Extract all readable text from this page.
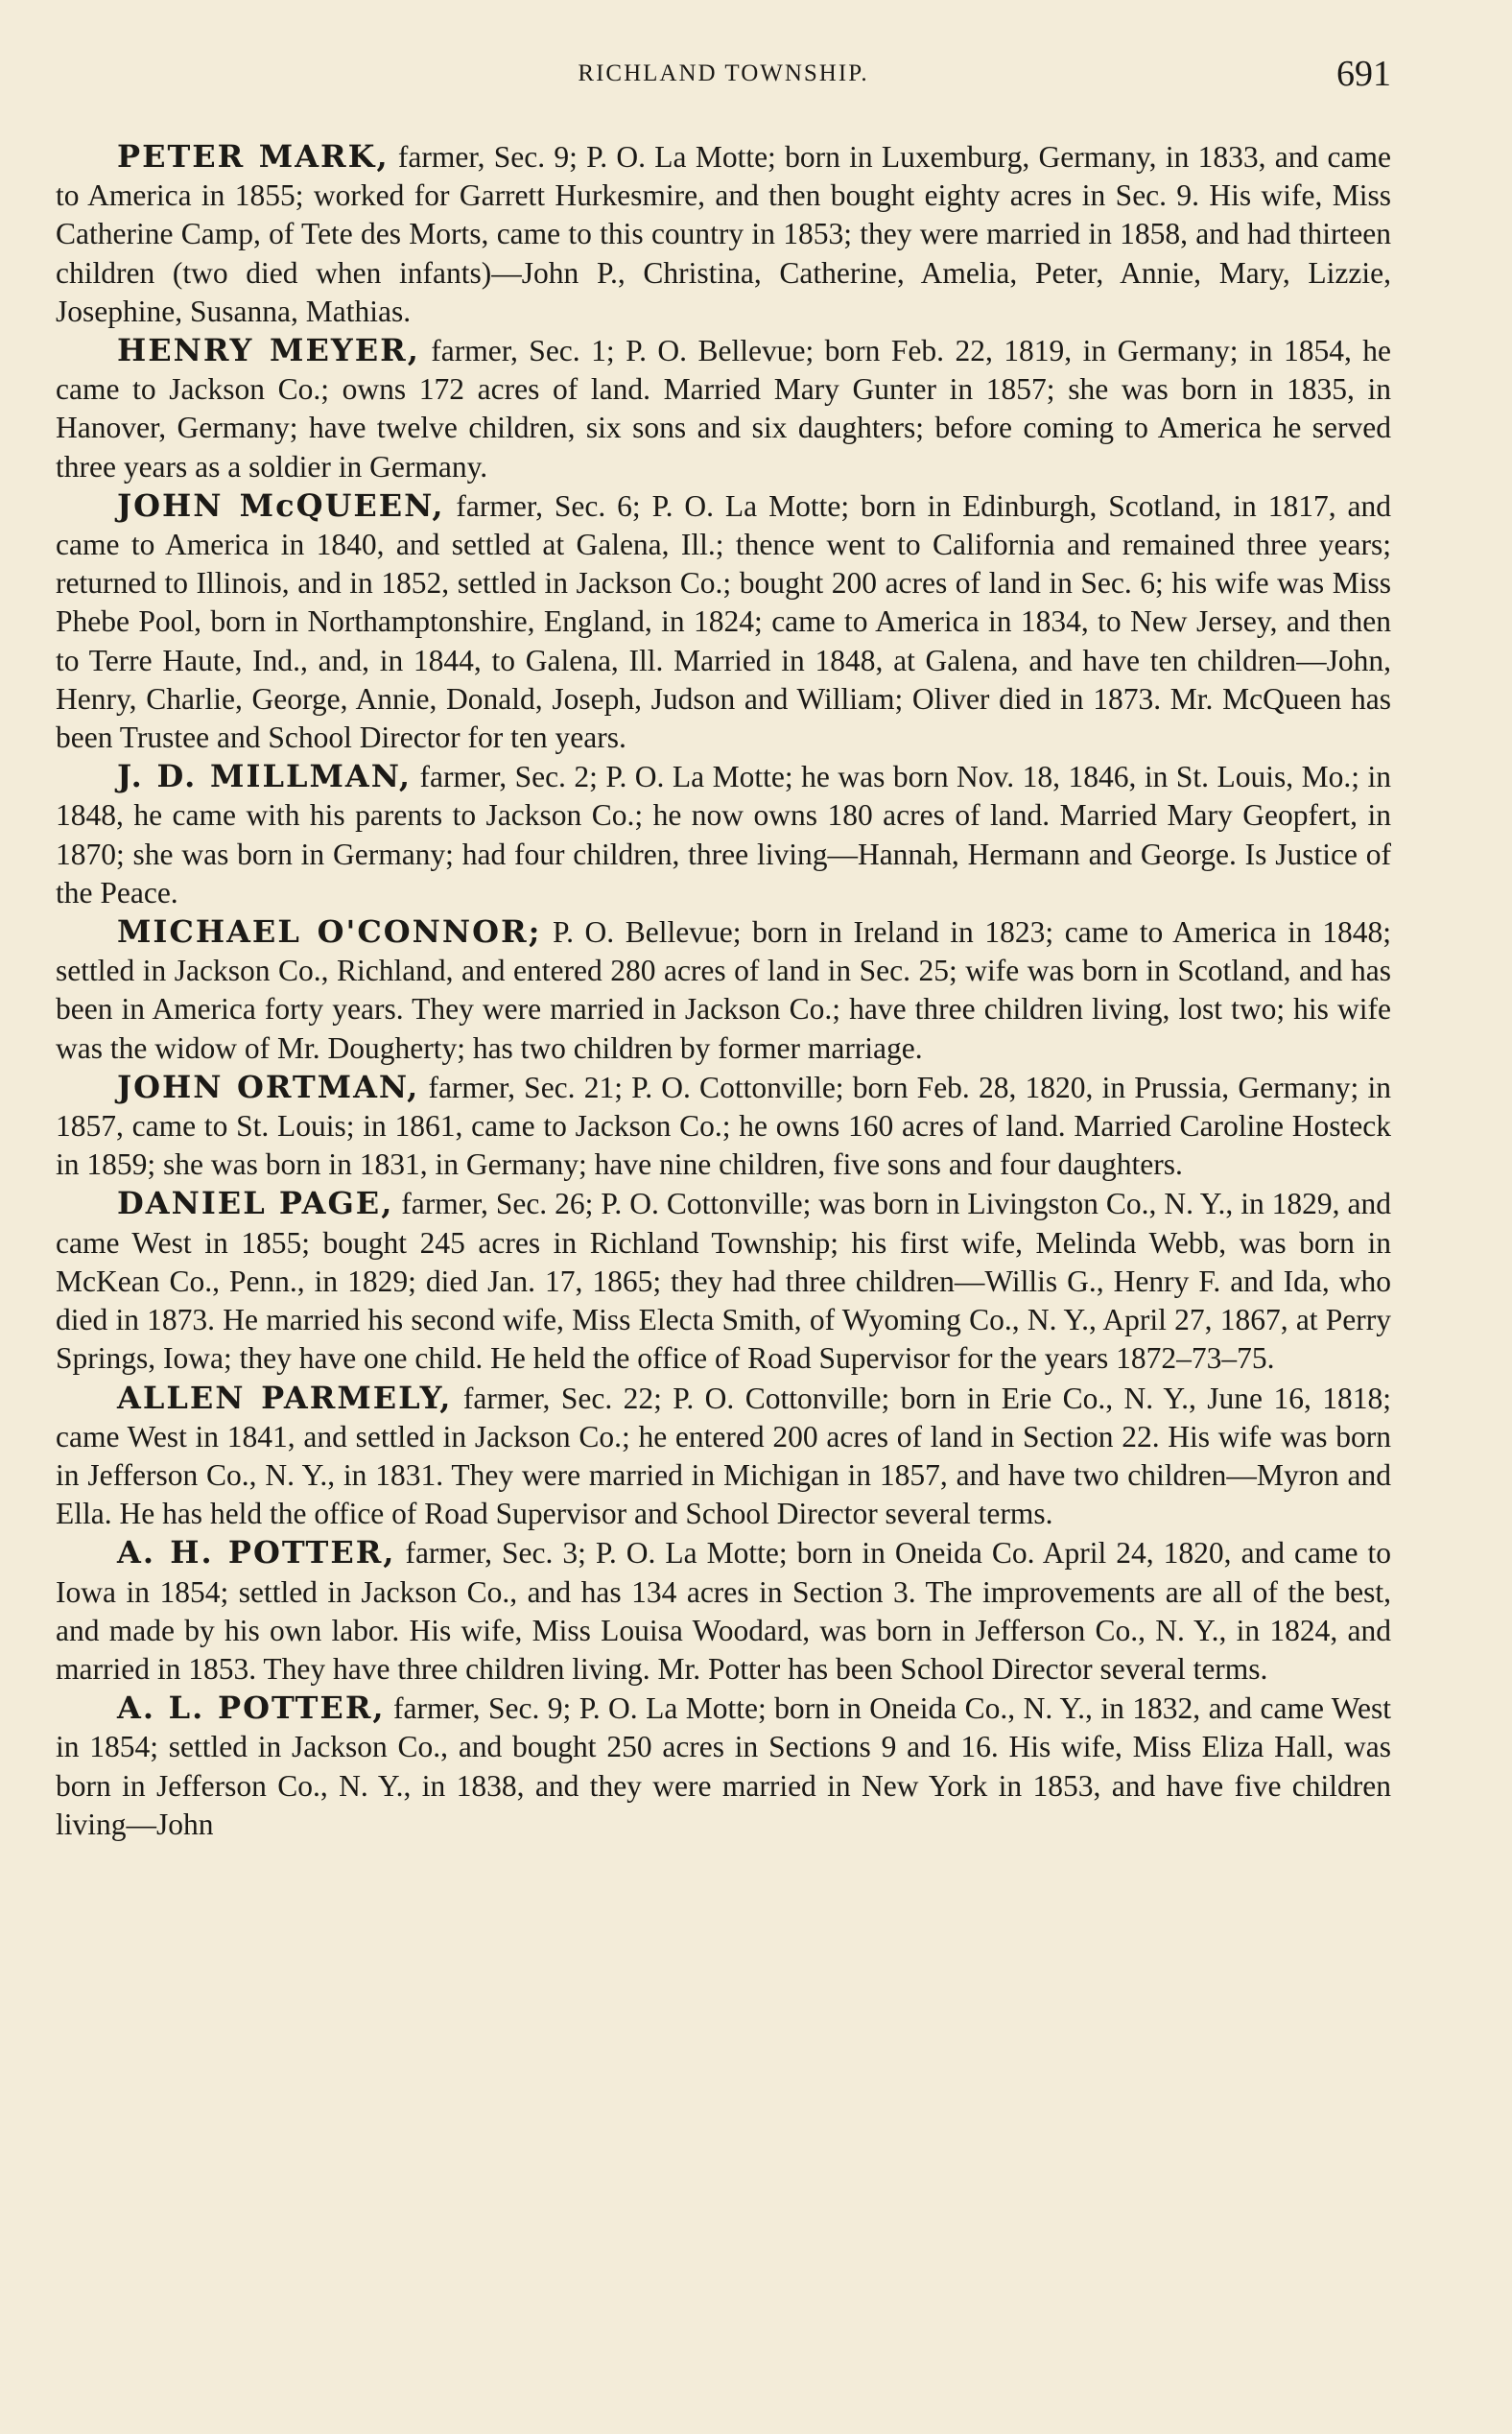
RICHLAND TOWNSHIP.	691

PETER MARK, farmer, Sec. 9; P. O. La Motte; born in Luxemburg, Germany, in 1833, and came to America in 1855; worked for Garrett Hurkesmire, and then bought eighty acres in Sec. 9. His wife, Miss Catherine Camp, of Tete des Morts, came to this country in 1853; they were married in 1858, and had thirteen children (two died when infants)—John P., Christina, Catherine, Amelia, Peter, Annie, Mary, Lizzie, Josephine, Susanna, Mathias.

HENRY MEYER, farmer, Sec. 1; P. O. Bellevue; born Feb. 22, 1819, in Germany; in 1854, he came to Jackson Co.; owns 172 acres of land. Married Mary Gunter in 1857; she was born in 1835, in Hanover, Germany; have twelve children, six sons and six daughters; before coming to America he served three years as a soldier in Germany.

JOHN McQUEEN, farmer, Sec. 6; P. O. La Motte; born in Edinburgh, Scotland, in 1817, and came to America in 1840, and settled at Galena, Ill.; thence went to California and remained three years; returned to Illinois, and in 1852, settled in Jackson Co.; bought 200 acres of land in Sec. 6; his wife was Miss Phebe Pool, born in Northamptonshire, England, in 1824; came to America in 1834, to New Jersey, and then to Terre Haute, Ind., and, in 1844, to Galena, Ill. Married in 1848, at Galena, and have ten children—John, Henry, Charlie, George, Annie, Donald, Joseph, Judson and William; Oliver died in 1873. Mr. McQueen has been Trustee and School Director for ten years.

J. D. MILLMAN, farmer, Sec. 2; P. O. La Motte; he was born Nov. 18, 1846, in St. Louis, Mo.; in 1848, he came with his parents to Jackson Co.; he now owns 180 acres of land. Married Mary Geopfert, in 1870; she was born in Germany; had four children, three living—Hannah, Hermann and George. Is Justice of the Peace.

MICHAEL O'CONNOR; P. O. Bellevue; born in Ireland in 1823; came to America in 1848; settled in Jackson Co., Richland, and entered 280 acres of land in Sec. 25; wife was born in Scotland, and has been in America forty years. They were married in Jackson Co.; have three children living, lost two; his wife was the widow of Mr. Dougherty; has two children by former marriage.

JOHN ORTMAN, farmer, Sec. 21; P. O. Cottonville; born Feb. 28, 1820, in Prussia, Germany; in 1857, came to St. Louis; in 1861, came to Jackson Co.; he owns 160 acres of land. Married Caroline Hosteck in 1859; she was born in 1831, in Germany; have nine children, five sons and four daughters.

DANIEL PAGE, farmer, Sec. 26; P. O. Cottonville; was born in Livingston Co., N. Y., in 1829, and came West in 1855; bought 245 acres in Richland Township; his first wife, Melinda Webb, was born in McKean Co., Penn., in 1829; died Jan. 17, 1865; they had three children—Willis G., Henry F. and Ida, who died in 1873. He married his second wife, Miss Electa Smith, of Wyoming Co., N. Y., April 27, 1867, at Perry Springs, Iowa; they have one child. He held the office of Road Supervisor for the years 1872–73–75.

ALLEN PARMELY, farmer, Sec. 22; P. O. Cottonville; born in Erie Co., N. Y., June 16, 1818; came West in 1841, and settled in Jackson Co.; he entered 200 acres of land in Section 22. His wife was born in Jefferson Co., N. Y., in 1831. They were married in Michigan in 1857, and have two children—Myron and Ella. He has held the office of Road Supervisor and School Director several terms.

A. H. POTTER, farmer, Sec. 3; P. O. La Motte; born in Oneida Co. April 24, 1820, and came to Iowa in 1854; settled in Jackson Co., and has 134 acres in Section 3. The improvements are all of the best, and made by his own labor. His wife, Miss Louisa Woodard, was born in Jefferson Co., N. Y., in 1824, and married in 1853. They have three children living. Mr. Potter has been School Director several terms.

A. L. POTTER, farmer, Sec. 9; P. O. La Motte; born in Oneida Co., N. Y., in 1832, and came West in 1854; settled in Jackson Co., and bought 250 acres in Sections 9 and 16. His wife, Miss Eliza Hall, was born in Jefferson Co., N. Y., in 1838, and they were married in New York in 1853, and have five children living—John
